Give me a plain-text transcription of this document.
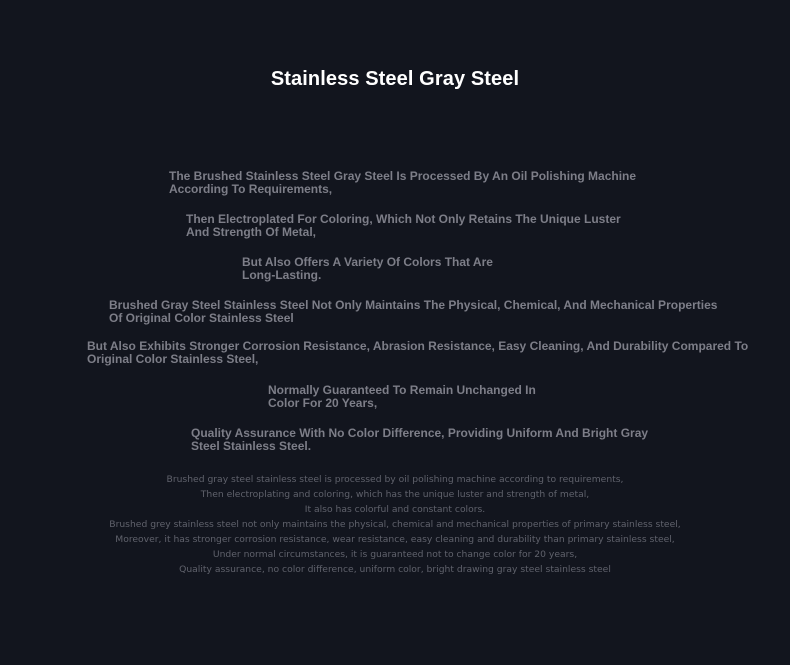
Stainless Steel Gray Steel
The Brushed Stainless Steel Gray Steel Is Processed By An Oil Polishing Machine
According To Requirements,
Then Electroplated For Coloring, Which Not Only Retains The Unique Luster
And Strength Of Metal,
But Also Offers A Variety Of Colors That Are
Long-Lasting.
Brushed Gray Steel Stainless Steel Not Only Maintains The Physical, Chemical, And Mechanical Properties
Of Original Color Stainless Steel
But Also Exhibits Stronger Corrosion Resistance, Abrasion Resistance, Easy Cleaning, And Durability Compared To
Original Color Stainless Steel,
Normally Guaranteed To Remain Unchanged In
Color For 20 Years,
Quality Assurance With No Color Difference, Providing Uniform And Bright Gray
Steel Stainless Steel.
Brushed gray steel stainless steel is processed by oil polishing machine according to requirements,
Then electroplating and coloring, which has the unique luster and strength of metal,
It also has colorful and constant colors.
Brushed grey stainless steel not only maintains the physical, chemical and mechanical properties of primary stainless steel,
Moreover, it has stronger corrosion resistance, wear resistance, easy cleaning and durability than primary stainless steel,
Under normal circumstances, it is guaranteed not to change color for 20 years,
Quality assurance, no color difference, uniform color, bright drawing gray steel stainless steel
